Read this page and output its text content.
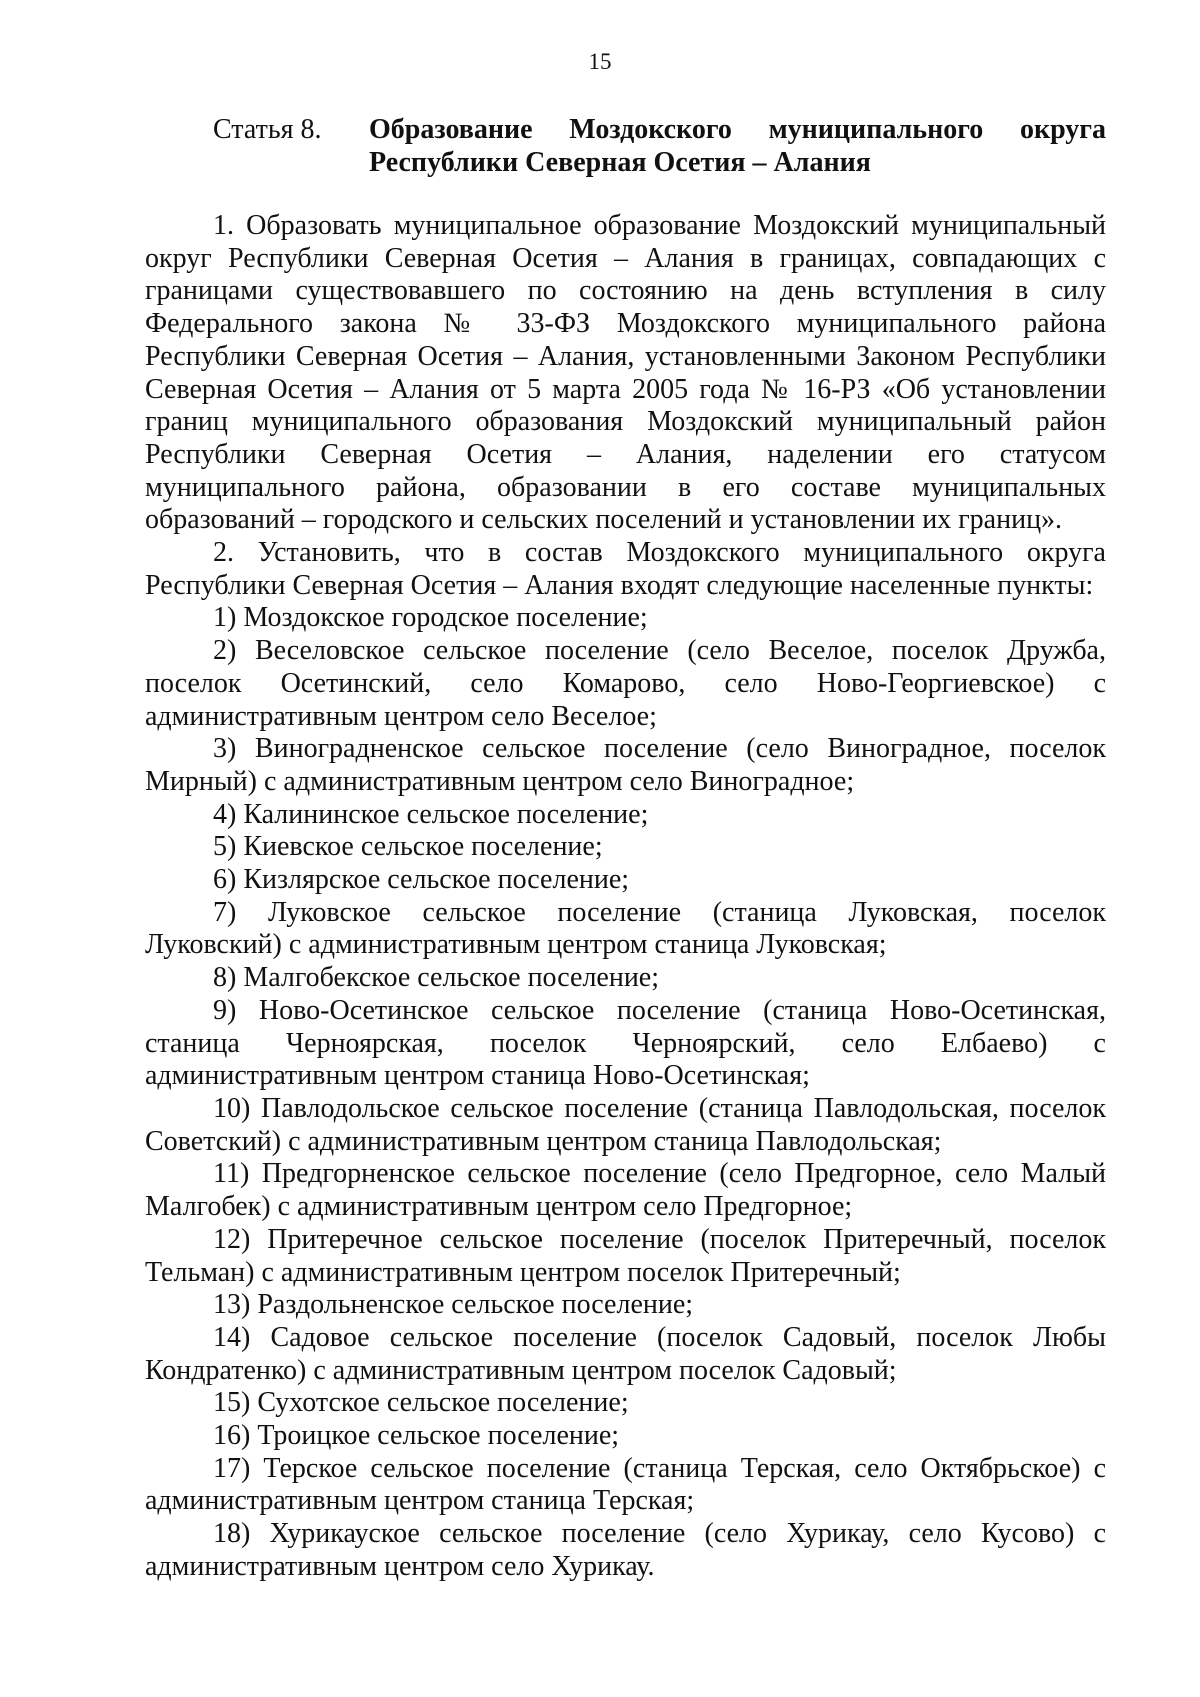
15
Статья 8. Образование Моздокского муниципального округа
Республики Северная Осетия – Алания
1. Образовать муниципальное образование Моздокский муниципальный
округ Республики Северная Осетия – Алания в границах, совпадающих с
границами существовавшего по состоянию на день вступления в силу
Федерального закона № 33-ФЗ Моздокского муниципального района
Республики Северная Осетия – Алания, установленными Законом Республики
Северная Осетия – Алания от 5 марта 2005 года № 16-РЗ «Об установлении
границ муниципального образования Моздокский муниципальный район
Республики Северная Осетия – Алания, наделении его статусом
муниципального района, образовании в его составе муниципальных
образований – городского и сельских поселений и установлении их границ».
2. Установить, что в состав Моздокского муниципального округа
Республики Северная Осетия – Алания входят следующие населенные пункты:
1) Моздокское городское поселение;
2) Веселовское сельское поселение (село Веселое, поселок Дружба,
поселок Осетинский, село Комарово, село Ново-Георгиевское) с
административным центром село Веселое;
3) Виноградненское сельское поселение (село Виноградное, поселок
Мирный) с административным центром село Виноградное;
4) Калининское сельское поселение;
5) Киевское сельское поселение;
6) Кизлярское сельское поселение;
7) Луковское сельское поселение (станица Луковская, поселок
Луковский) с административным центром станица Луковская;
8) Малгобекское сельское поселение;
9) Ново-Осетинское сельское поселение (станица Ново-Осетинская,
станица Черноярская, поселок Черноярский, село Елбаево) с
административным центром станица Ново-Осетинская;
10) Павлодольское сельское поселение (станица Павлодольская, поселок
Советский) с административным центром станица Павлодольская;
11) Предгорненское сельское поселение (село Предгорное, село Малый
Малгобек) с административным центром село Предгорное;
12) Притеречное сельское поселение (поселок Притеречный, поселок
Тельман) с административным центром поселок Притеречный;
13) Раздольненское сельское поселение;
14) Садовое сельское поселение (поселок Садовый, поселок Любы
Кондратенко) с административным центром поселок Садовый;
15) Сухотское сельское поселение;
16) Троицкое сельское поселение;
17) Терское сельское поселение (станица Терская, село Октябрьское) с
административным центром станица Терская;
18) Хурикауское сельское поселение (село Хурикау, село Кусово) с
административным центром село Хурикау.
